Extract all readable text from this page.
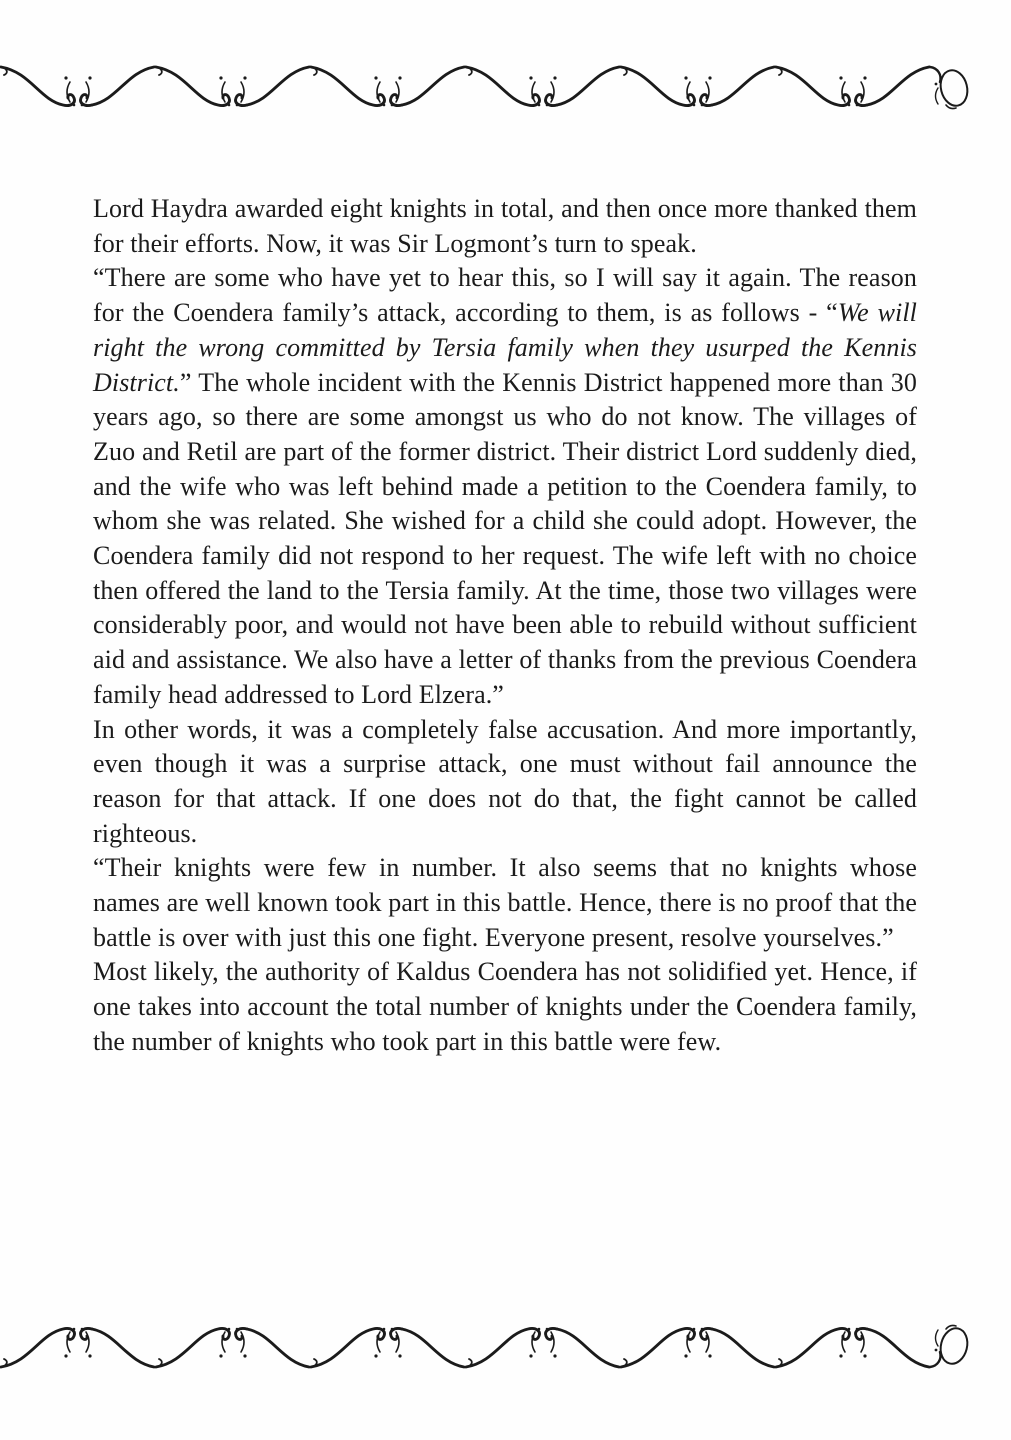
Lord Haydra awarded eight knights in total, and then once more thanked them for their efforts. Now, it was Sir Logmont’s turn to speak.

“There are some who have yet to hear this, so I will say it again. The reason for the Coendera family’s attack, according to them, is as follows - “We will right the wrong committed by Tersia family when they usurped the Kennis District.” The whole incident with the Kennis District happened more than 30 years ago, so there are some amongst us who do not know. The villages of Zuo and Retil are part of the former district. Their district Lord suddenly died, and the wife who was left behind made a petition to the Coendera family, to whom she was related. She wished for a child she could adopt. However, the Coendera family did not respond to her request. The wife left with no choice then offered the land to the Tersia family. At the time, those two villages were considerably poor, and would not have been able to rebuild without sufficient aid and assistance. We also have a letter of thanks from the previous Coendera family head addressed to Lord Elzera.”

In other words, it was a completely false accusation. And more importantly, even though it was a surprise attack, one must without fail announce the reason for that attack. If one does not do that, the fight cannot be called righteous.

“Their knights were few in number. It also seems that no knights whose names are well known took part in this battle. Hence, there is no proof that the battle is over with just this one fight. Everyone present, resolve yourselves.”

Most likely, the authority of Kaldus Coendera has not solidified yet. Hence, if one takes into account the total number of knights under the Coendera family, the number of knights who took part in this battle were few.
